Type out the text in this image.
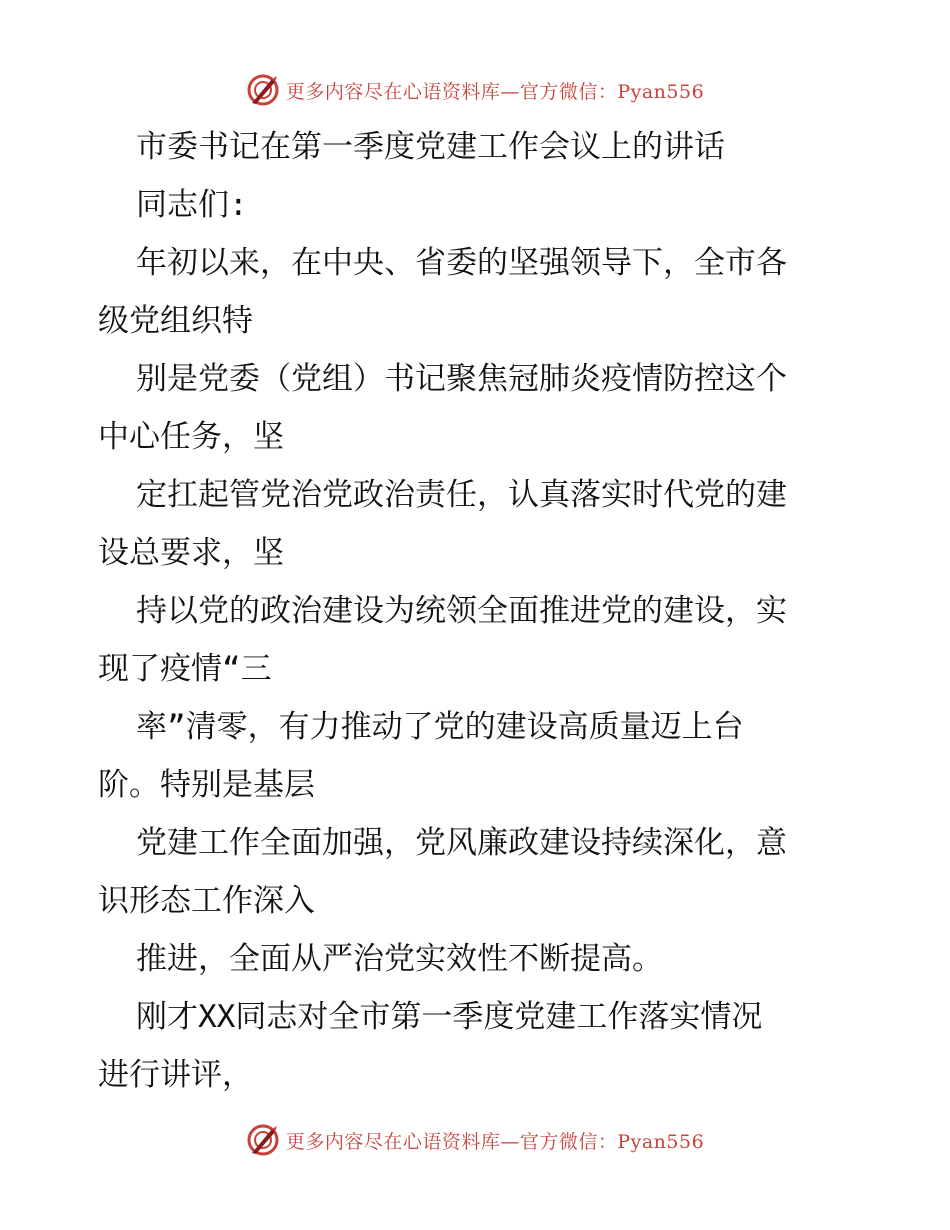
更多内容尽在心语资料库—官方微信：Pyan556
市委书记在第一季度党建工作会议上的讲话
同志们:
年初以来，在中央、省委的坚强领导下，全市各
级党组织特
别是党委（党组）书记聚焦冠肺炎疫情防控这个
中心任务，坚
定扛起管党治党政治责任，认真落实时代党的建
设总要求，坚
持以党的政治建设为统领全面推进党的建设，实
现了疫情“三
率”清零，有力推动了党的建设高质量迈上台
阶。特别是基层
党建工作全面加强，党风廉政建设持续深化，意
识形态工作深入
推进，全面从严治党实效性不断提高。
刚才XX同志对全市第一季度党建工作落实情况
进行讲评，
更多内容尽在心语资料库—官方微信：Pyan556
